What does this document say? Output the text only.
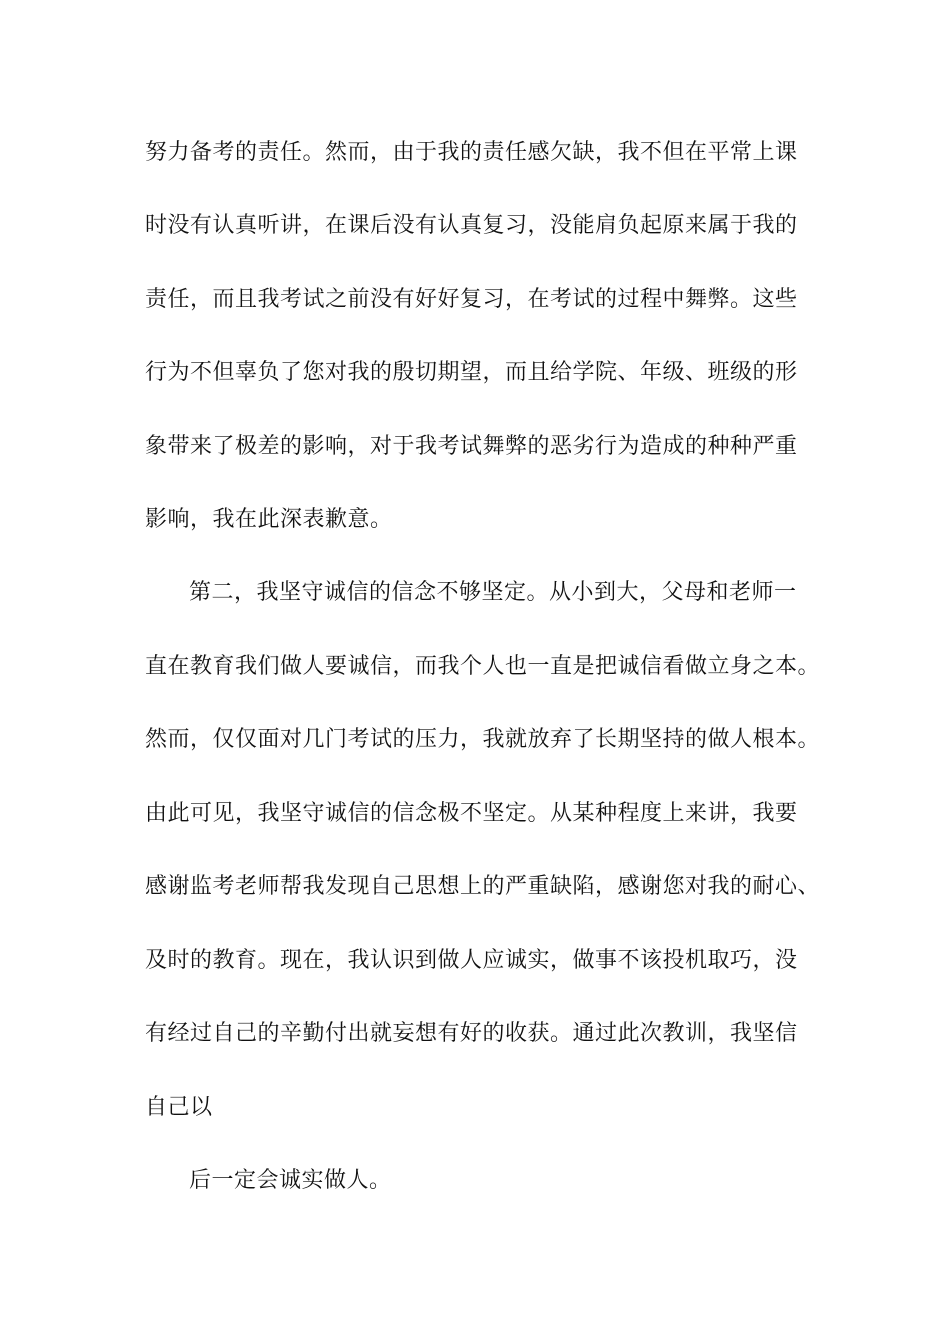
努力备考的责任。然而，由于我的责任感欠缺，我不但在平常上课
时没有认真听讲，在课后没有认真复习，没能肩负起原来属于我的
责任，而且我考试之前没有好好复习，在考试的过程中舞弊。这些
行为不但辜负了您对我的殷切期望，而且给学院、年级、班级的形
象带来了极差的影响，对于我考试舞弊的恶劣行为造成的种种严重
影响，我在此深表歉意。
第二，我坚守诚信的信念不够坚定。从小到大，父母和老师一
直在教育我们做人要诚信，而我个人也一直是把诚信看做立身之本。
然而，仅仅面对几门考试的压力，我就放弃了长期坚持的做人根本。
由此可见，我坚守诚信的信念极不坚定。从某种程度上来讲，我要
感谢监考老师帮我发现自己思想上的严重缺陷，感谢您对我的耐心、
及时的教育。现在，我认识到做人应诚实，做事不该投机取巧，没
有经过自己的辛勤付出就妄想有好的收获。通过此次教训，我坚信
自己以
后一定会诚实做人。
